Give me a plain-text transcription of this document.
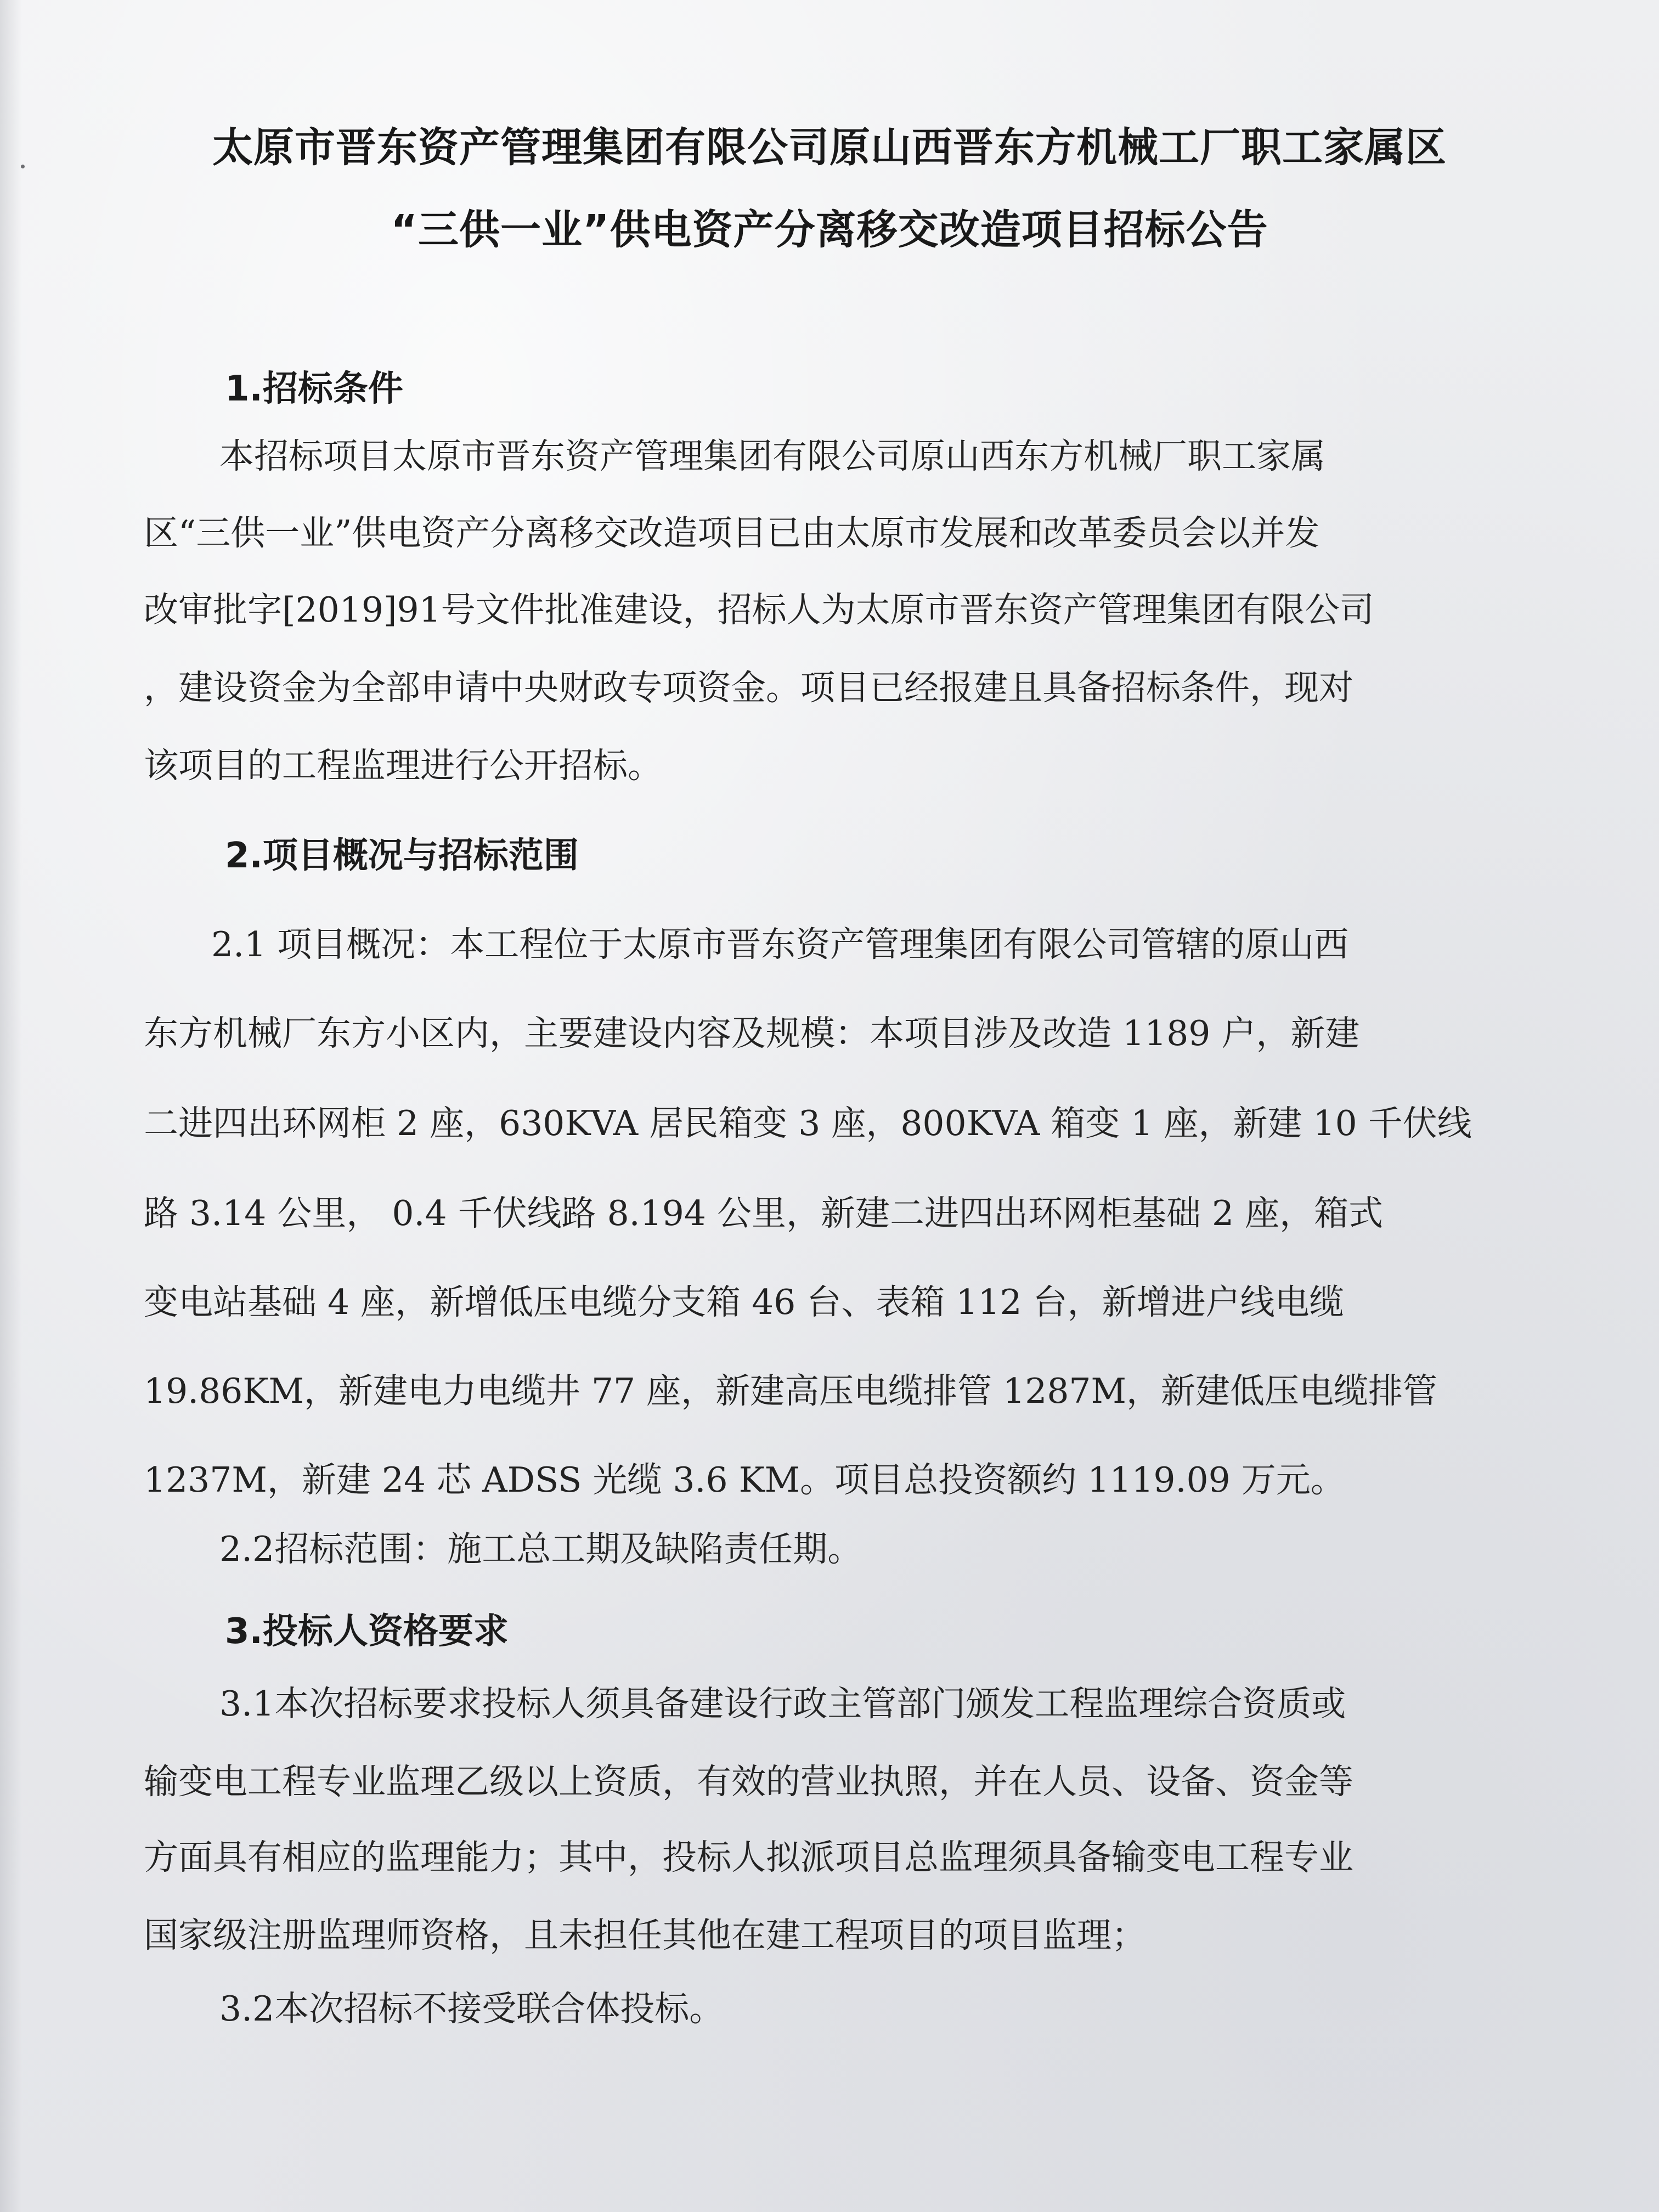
太原市晋东资产管理集团有限公司原山西晋东方机械工厂职工家属区
“三供一业”供电资产分离移交改造项目招标公告
1.招标条件
本招标项目太原市晋东资产管理集团有限公司原山西东方机械厂职工家属
区“三供一业”供电资产分离移交改造项目已由太原市发展和改革委员会以并发
改审批字[2019]91号文件批准建设，招标人为太原市晋东资产管理集团有限公司
，建设资金为全部申请中央财政专项资金。项目已经报建且具备招标条件，现对
该项目的工程监理进行公开招标。
2.项目概况与招标范围
2.1 项目概况：本工程位于太原市晋东资产管理集团有限公司管辖的原山西
东方机械厂东方小区内，主要建设内容及规模：本项目涉及改造 1189 户，新建
二进四出环网柜 2 座，630KVA 居民箱变 3 座，800KVA 箱变 1 座，新建 10 千伏线
路 3.14 公里， 0.4 千伏线路 8.194 公里，新建二进四出环网柜基础 2 座，箱式
变电站基础 4 座，新增低压电缆分支箱 46 台、表箱 112 台，新增进户线电缆
19.86KM，新建电力电缆井 77 座，新建高压电缆排管 1287M，新建低压电缆排管
1237M，新建 24 芯 ADSS 光缆 3.6 KM。项目总投资额约 1119.09 万元。
2.2招标范围：施工总工期及缺陷责任期。
3.投标人资格要求
3.1本次招标要求投标人须具备建设行政主管部门颁发工程监理综合资质或
输变电工程专业监理乙级以上资质，有效的营业执照，并在人员、设备、资金等
方面具有相应的监理能力；其中，投标人拟派项目总监理须具备输变电工程专业
国家级注册监理师资格，且未担任其他在建工程项目的项目监理；
3.2本次招标不接受联合体投标。
